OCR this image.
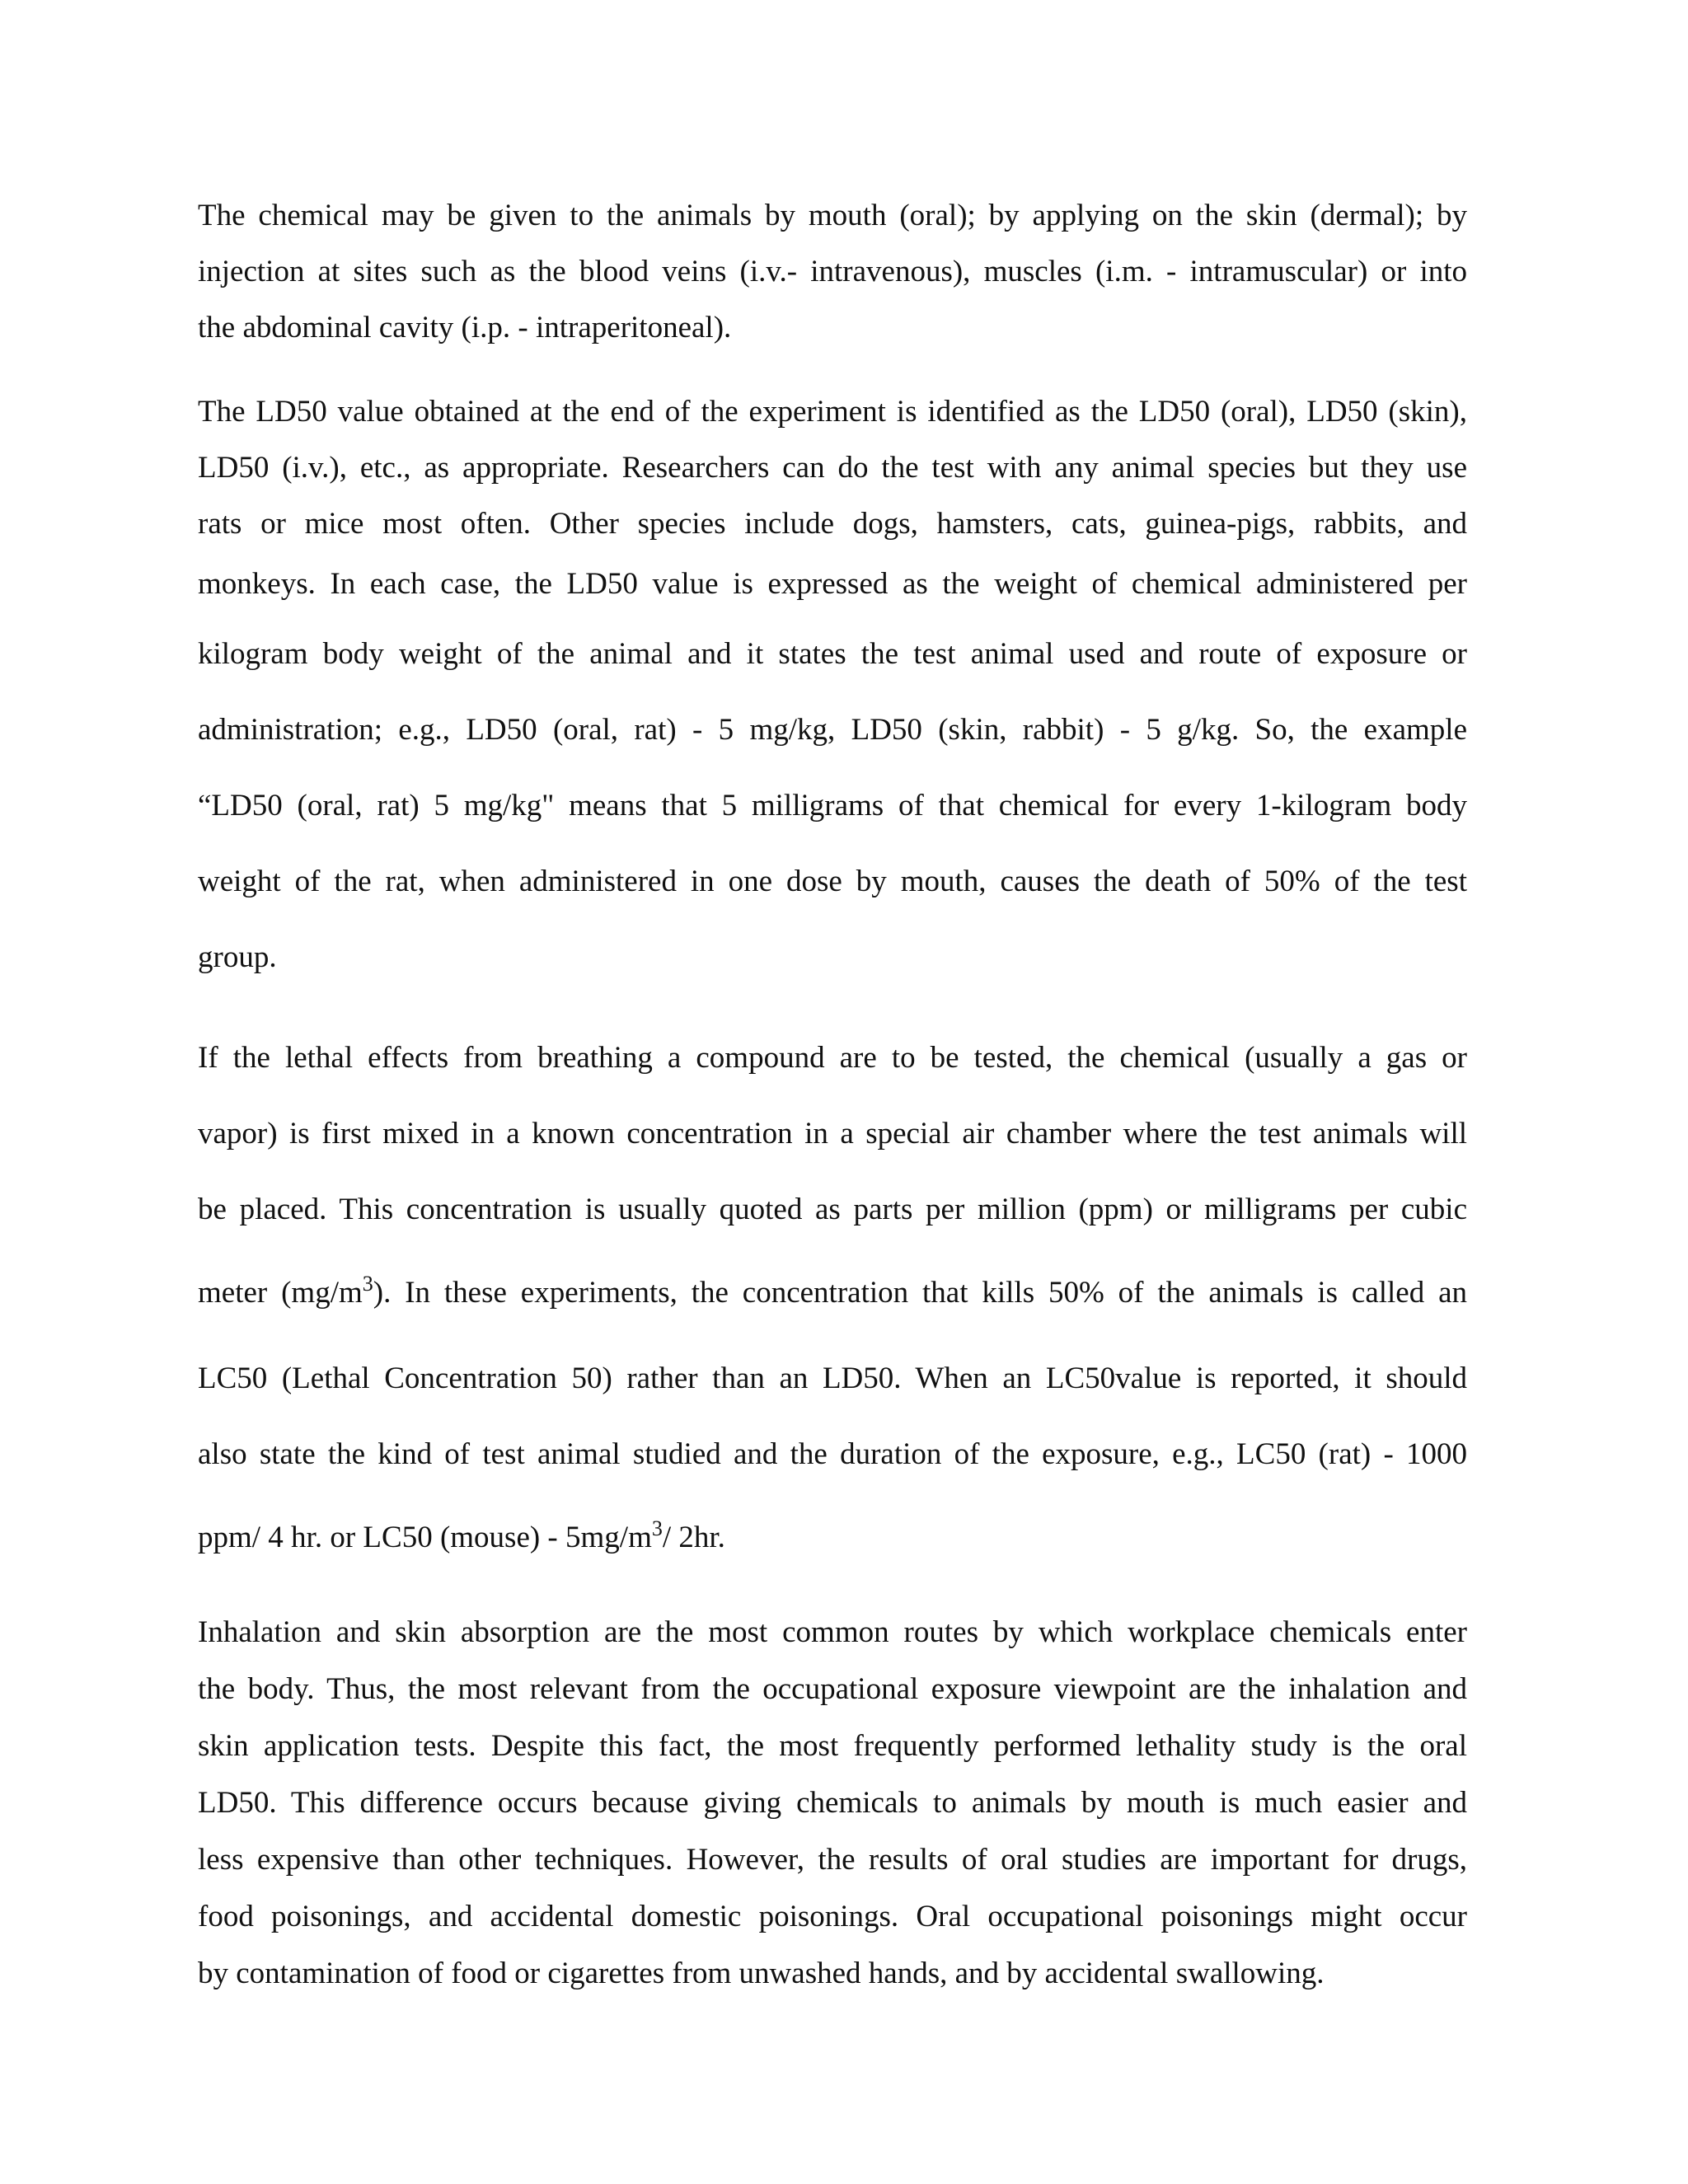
The chemical may be given to the animals by mouth (oral); by applying on the skin (dermal); by
injection at sites such as the blood veins (i.v.- intravenous), muscles (i.m. - intramuscular) or into
the abdominal cavity (i.p. - intraperitoneal).
The LD50 value obtained at the end of the experiment is identified as the LD50 (oral), LD50 (skin),
LD50 (i.v.), etc., as appropriate. Researchers can do the test with any animal species but they use
rats or mice most often. Other species include dogs, hamsters, cats, guinea-pigs, rabbits, and
monkeys. In each case, the LD50 value is expressed as the weight of chemical administered per
kilogram body weight of the animal and it states the test animal used and route of exposure or
administration; e.g., LD50 (oral, rat) - 5 mg/kg, LD50 (skin, rabbit) - 5 g/kg. So, the example
“LD50 (oral, rat) 5 mg/kg" means that 5 milligrams of that chemical for every 1-kilogram body
weight of the rat, when administered in one dose by mouth, causes the death of 50% of the test
group.
If the lethal effects from breathing a compound are to be tested, the chemical (usually a gas or
vapor) is first mixed in a known concentration in a special air chamber where the test animals will
be placed. This concentration is usually quoted as parts per million (ppm) or milligrams per cubic
meter $(mg/m^3)$. In these experiments, the concentration that kills 50% of the animals is called an
LC50 (Lethal Concentration 50) rather than an LD50. When an LC50value is reported, it should
also state the kind of test animal studied and the duration of the exposure, e.g., LC50 (rat) - 1000
ppm/ 4 hr. or LC50 (mouse) - $5mg/m^3/$ 2hr.
Inhalation and skin absorption are the most common routes by which workplace chemicals enter
the body. Thus, the most relevant from the occupational exposure viewpoint are the inhalation and
skin application tests. Despite this fact, the most frequently performed lethality study is the oral
LD50. This difference occurs because giving chemicals to animals by mouth is much easier and
less expensive than other techniques. However, the results of oral studies are important for drugs,
food poisonings, and accidental domestic poisonings. Oral occupational poisonings might occur
by contamination of food or cigarettes from unwashed hands, and by accidental swallowing.
